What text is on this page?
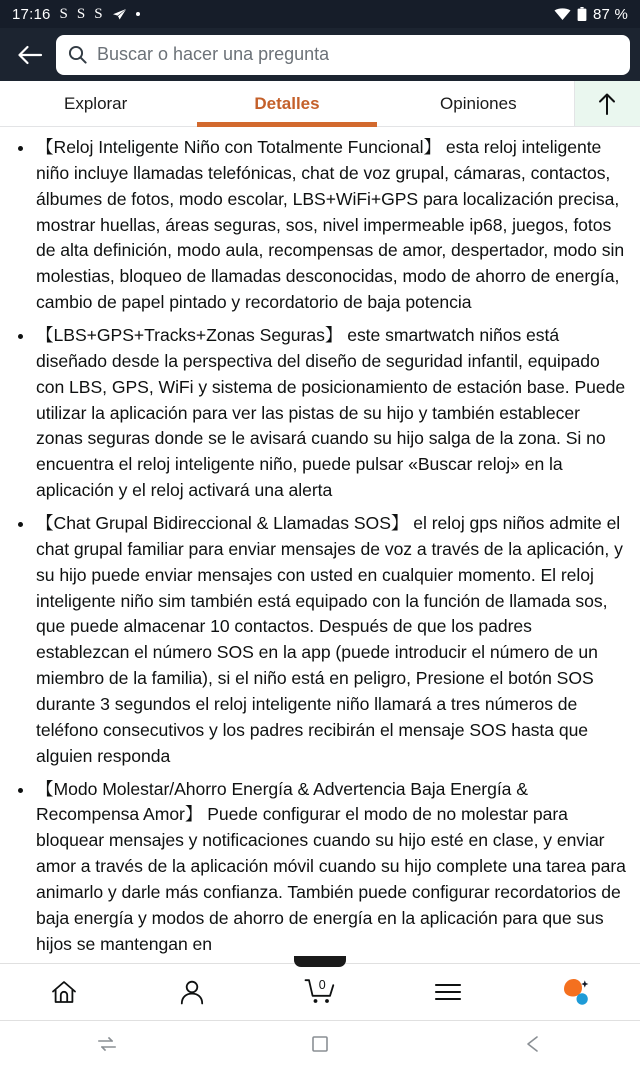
17:16 S S S	87 %
Buscar o hacer una pregunta
Explorar	Detalles	Opiniones
【Reloj Inteligente Niño con Totalmente Funcional】 esta reloj inteligente niño incluye llamadas telefónicas, chat de voz grupal, cámaras, contactos, álbumes de fotos, modo escolar, LBS+WiFi+GPS para localización precisa, mostrar huellas, áreas seguras, sos, nivel impermeable ip68, juegos, fotos de alta definición, modo aula, recompensas de amor, despertador, modo sin molestias, bloqueo de llamadas desconocidas, modo de ahorro de energía, cambio de papel pintado y recordatorio de baja potencia
【LBS+GPS+Tracks+Zonas Seguras】 este smartwatch niños está diseñado desde la perspectiva del diseño de seguridad infantil, equipado con LBS, GPS, WiFi y sistema de posicionamiento de estación base. Puede utilizar la aplicación para ver las pistas de su hijo y también establecer zonas seguras donde se le avisará cuando su hijo salga de la zona. Si no encuentra el reloj inteligente niño, puede pulsar «Buscar reloj» en la aplicación y el reloj activará una alerta
【Chat Grupal Bidireccional & Llamadas SOS】 el reloj gps niños admite el chat grupal familiar para enviar mensajes de voz a través de la aplicación, y su hijo puede enviar mensajes con usted en cualquier momento. El reloj inteligente niño sim también está equipado con la función de llamada sos, que puede almacenar 10 contactos. Después de que los padres establezcan el número SOS en la app (puede introducir el número de un miembro de la familia), si el niño está en peligro, Presione el botón SOS durante 3 segundos el reloj inteligente niño llamará a tres números de teléfono consecutivos y los padres recibirán el mensaje SOS hasta que alguien responda
【Modo Molestar/Ahorro Energía & Advertencia Baja Energía & Recompensa Amor】 Puede configurar el modo de no molestar para bloquear mensajes y notificaciones cuando su hijo esté en clase, y enviar amor a través de la aplicación móvil cuando su hijo complete una tarea para animarlo y darle más confianza. También puede configurar recordatorios de baja energía y modos de ahorro de energía en la aplicación para que sus hijos se mantengan en
0
